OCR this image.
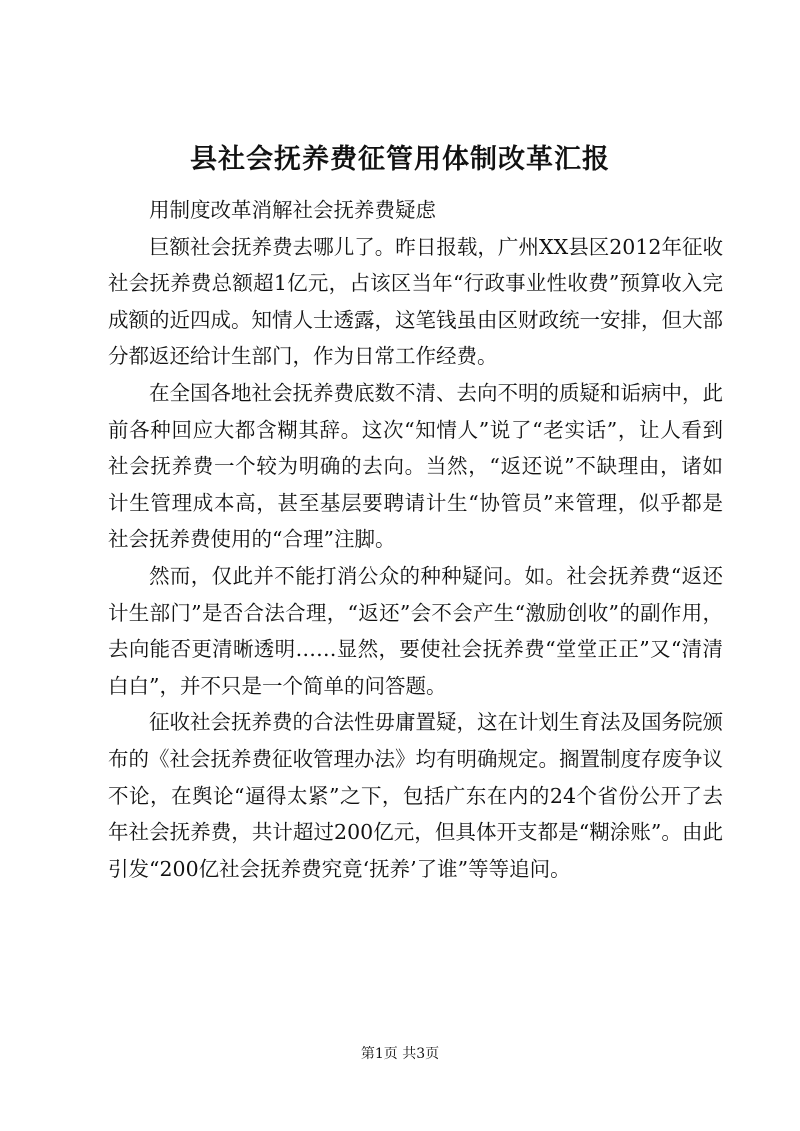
县社会抚养费征管用体制改革汇报

用制度改革消解社会抚养费疑虑

巨额社会抚养费去哪儿了。昨日报载，广州XX县区2012年征收社会抚养费总额超1亿元，占该区当年“行政事业性收费”预算收入完成额的近四成。知情人士透露，这笔钱虽由区财政统一安排，但大部分都返还给计生部门，作为日常工作经费。

在全国各地社会抚养费底数不清、去向不明的质疑和诟病中，此前各种回应大都含糊其辞。这次“知情人”说了“老实话”，让人看到社会抚养费一个较为明确的去向。当然，“返还说”不缺理由，诸如计生管理成本高，甚至基层要聘请计生“协管员”来管理，似乎都是社会抚养费使用的“合理”注脚。

然而，仅此并不能打消公众的种种疑问。如。社会抚养费“返还计生部门”是否合法合理，“返还”会不会产生“激励创收”的副作用，去向能否更清晰透明……显然，要使社会抚养费“堂堂正正”又“清清白白”，并不只是一个简单的问答题。

征收社会抚养费的合法性毋庸置疑，这在计划生育法及国务院颁布的《社会抚养费征收管理办法》均有明确规定。搁置制度存废争议不论，在舆论“逼得太紧”之下，包括广东在内的24个省份公开了去年社会抚养费，共计超过200亿元，但具体开支都是“糊涂账”。由此引发“200亿社会抚养费究竟‘抚养’了谁”等等追问。

第1页 共3页
